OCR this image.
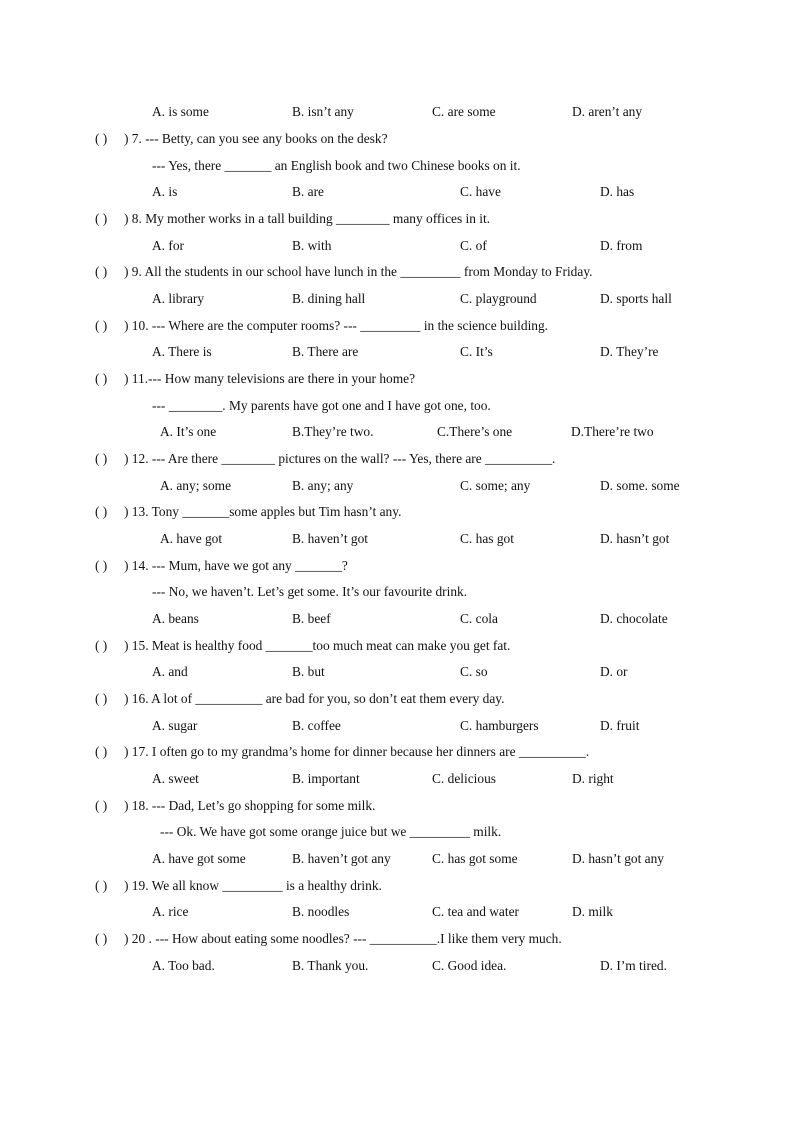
A. is some	B. isn’t any	C. are some	D. aren’t any
( ) ) 7. --- Betty, can you see any books on the desk?
--- Yes, there _______ an English book and two Chinese books on it.
A. is	B. are	C. have	D. has
( ) ) 8. My mother works in a tall building ________ many offices in it.
A. for	B. with	C. of	D. from
( ) ) 9. All the students in our school have lunch in the _________ from Monday to Friday.
A. library	B. dining hall	C. playground	D. sports hall
( ) ) 10. --- Where are the computer rooms? --- _________ in the science building.
A. There is	B. There are	C. It’s	D. They’re
( ) ) 11.--- How many televisions are there in your home?
--- ________. My parents have got one and I have got one, too.
A. It’s one	B.They’re two.	C.There’s one	D.There’re two
( ) ) 12. --- Are there ________ pictures on the wall? --- Yes, there are __________.
A. any; some	B. any; any	C. some; any	D. some. some
( ) ) 13. Tony _______some apples but Tim hasn’t any.
A. have got	B. haven’t got	C. has got	D. hasn’t got
( ) ) 14. --- Mum, have we got any _______?
--- No, we haven’t. Let’s get some. It’s our favourite drink.
A. beans	B. beef	C. cola	D. chocolate
( ) ) 15. Meat is healthy food _______too much meat can make you get fat.
A. and	B. but	C. so	D. or
( ) ) 16. A lot of __________ are bad for you, so don’t eat them every day.
A. sugar	B. coffee	C. hamburgers	D. fruit
( ) ) 17. I often go to my grandma’s home for dinner because her dinners are __________.
A. sweet	B. important	C. delicious	D. right
( ) ) 18. --- Dad, Let’s go shopping for some milk.
--- Ok. We have got some orange juice but we _________ milk.
A. have got some	B. haven’t got any	C. has got some	D. hasn’t got any
( ) ) 19. We all know _________ is a healthy drink.
A. rice	B. noodles	C. tea and water	D. milk
( ) ) 20 . --- How about eating some noodles? --- __________.I like them very much.
A. Too bad.	B. Thank you.	C. Good idea.	D. I’m tired.
